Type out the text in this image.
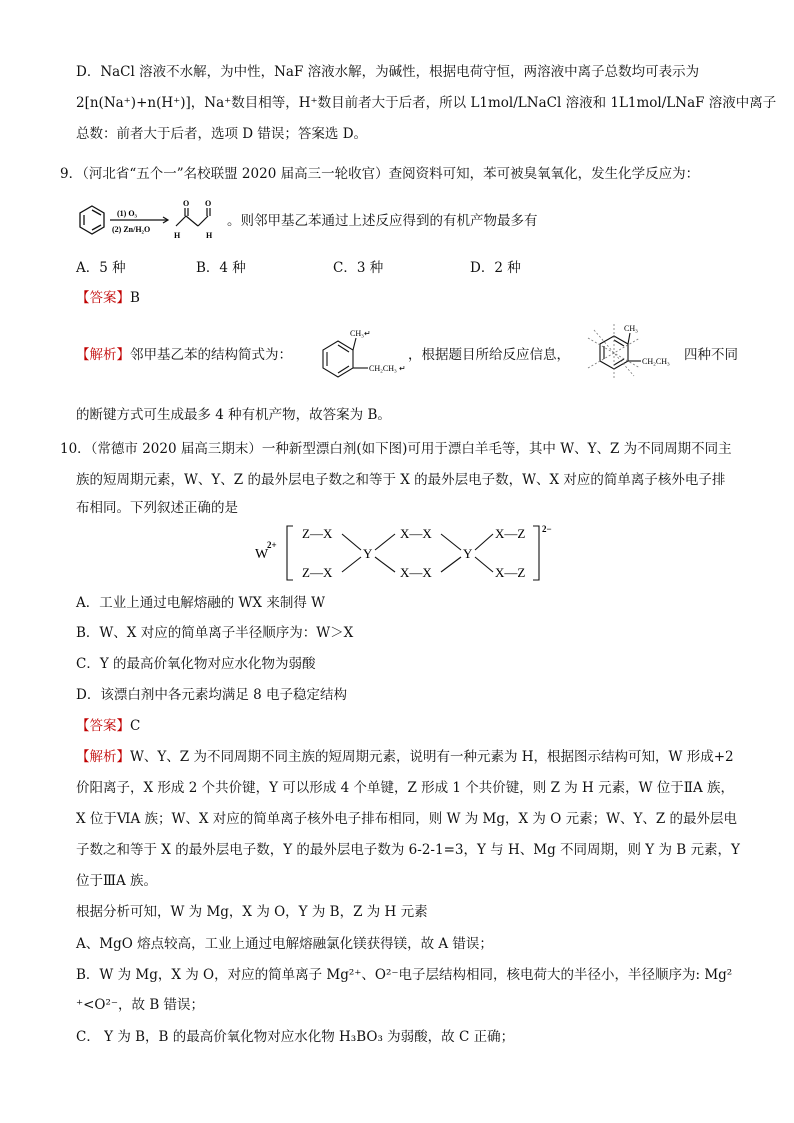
D．NaCl 溶液不水解，为中性，NaF 溶液水解，为碱性，根据电荷守恒，两溶液中离子总数均可表示为
2[n(Na⁺)+n(H⁺)]，Na⁺数目相等，H⁺数目前者大于后者，所以 L1mol/LNaCl 溶液和 1L1mol/LNaF 溶液中离子
总数：前者大于后者，选项 D 错误；答案选 D。
9．（河北省“五个一”名校联盟 2020 届高三一轮收官）查阅资料可知，苯可被臭氧氧化，发生化学反应为：
(1) O₃
(2) Zn/H₂O
O O
H	H
。则邻甲基乙苯通过上述反应得到的有机产物最多有
A．5 种	B．4 种	C．3 种	D．2 种
【答案】B
【解析】邻甲基乙苯的结构简式为：
CH₃ ↵
CH₂CH₃ ↵
，根据题目所给反应信息，
CH₃
CH₂CH₃ 四种不同
的断键方式可生成最多 4 种有机产物，故答案为 B。
10．（常德市 2020 届高三期末）一种新型漂白剂(如下图)可用于漂白羊毛等，其中 W、Y、Z 为不同周期不同主
族的短周期元素，W、Y、Z 的最外层电子数之和等于 X 的最外层电子数，W、X 对应的简单离子核外电子排
布相同。下列叙述正确的是
W
2+
2−
Z—X
Z—X
Y
X—X
X—X
Y
X—Z
X—Z
A．工业上通过电解熔融的 WX 来制得 W
B．W、X 对应的简单离子半径顺序为：W＞X
C．Y 的最高价氧化物对应水化物为弱酸
D．该漂白剂中各元素均满足 8 电子稳定结构
【答案】C
【解析】W、Y、Z 为不同周期不同主族的短周期元素，说明有一种元素为 H，根据图示结构可知，W 形成+2
价阳离子，X 形成 2 个共价键，Y 可以形成 4 个单键，Z 形成 1 个共价键，则 Z 为 H 元素，W 位于ⅡA 族，
X 位于ⅥA 族；W、X 对应的简单离子核外电子排布相同，则 W 为 Mg，X 为 O 元素；W、Y、Z 的最外层电
子数之和等于 X 的最外层电子数，Y 的最外层电子数为 6-2-1=3，Y 与 H、Mg 不同周期，则 Y 为 B 元素，Y
位于ⅢA 族。
根据分析可知，W 为 Mg，X 为 O，Y 为 B，Z 为 H 元素
A、MgO 熔点较高，工业上通过电解熔融氯化镁获得镁，故 A 错误；
B．W 为 Mg，X 为 O，对应的简单离子 Mg²⁺、O²⁻电子层结构相同，核电荷大的半径小，半径顺序为: Mg²
⁺<O²⁻，故 B 错误；
C． Y 为 B，B 的最高价氧化物对应水化物 H₃BO₃ 为弱酸，故 C 正确；
